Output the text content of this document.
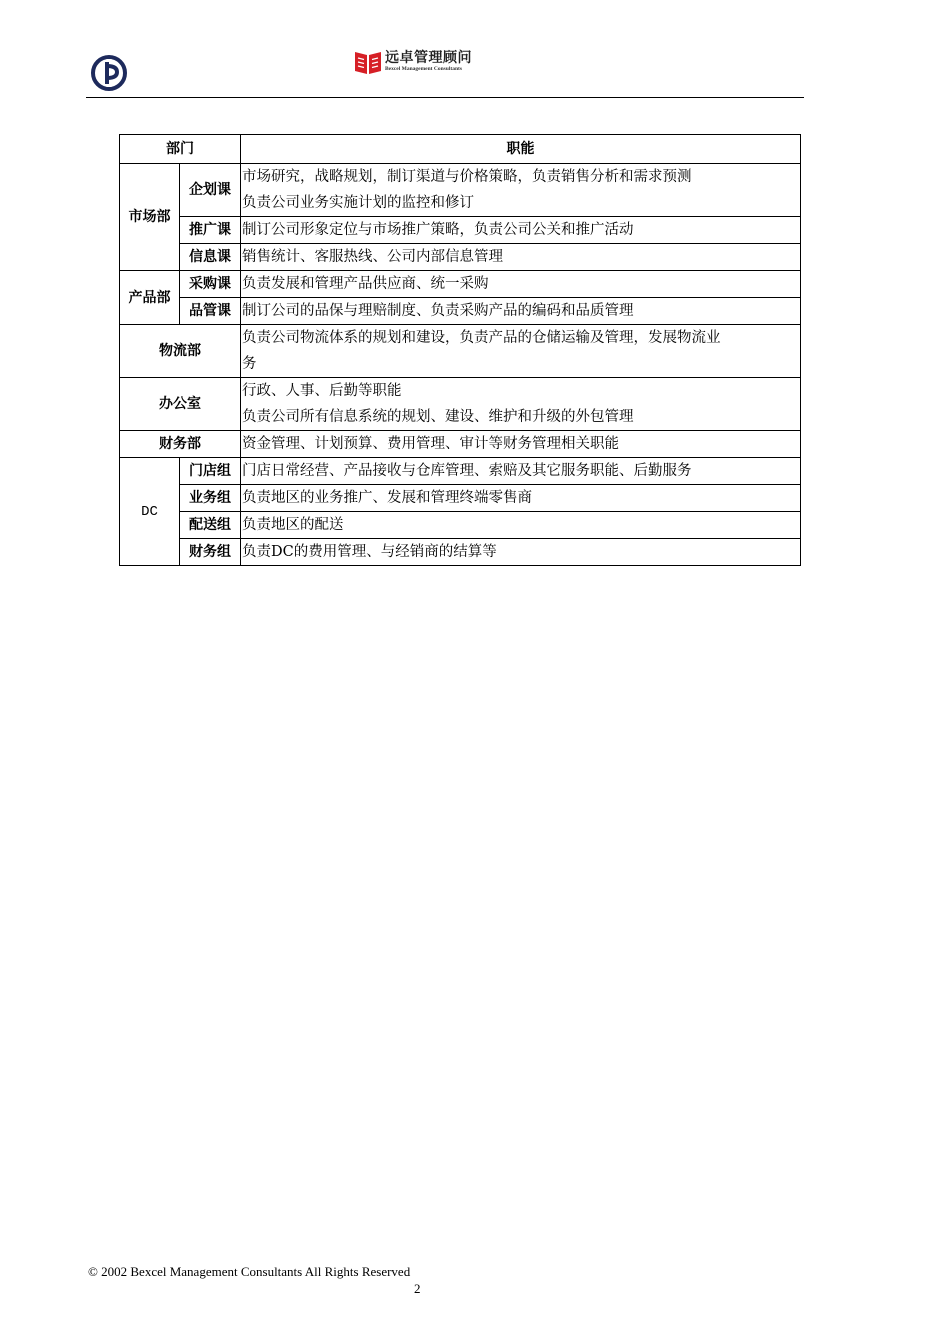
远卓管理顾问
Bexcel Management Consultants
部门		职能
市场部	企划课	市场研究，战略规划，制订渠道与价格策略，负责销售分析和需求预测
负责公司业务实施计划的监控和修订

	推广课	制订公司形象定位与市场推广策略，负责公司公关和推广活动

	信息课	销售统计、客服热线、公司内部信息管理

产品部	采购课	负责发展和管理产品供应商、统一采购

	品管课	制订公司的品保与理赔制度、负责采购产品的编码和品质管理

物流部		负责公司物流体系的规划和建设，负责产品的仓储运输及管理，发展物流业
务

办公室		行政、人事、后勤等职能
负责公司所有信息系统的规划、建设、维护和升级的外包管理

财务部		资金管理、计划预算、费用管理、审计等财务管理相关职能

DC	门店组	门店日常经营、产品接收与仓库管理、索赔及其它服务职能、后勤服务

	业务组	负责地区的业务推广、发展和管理终端零售商

	配送组	负责地区的配送

	财务组	负责DC的费用管理、与经销商的结算等
© 2002 Bexcel Management Consultants All Rights Reserved
2
